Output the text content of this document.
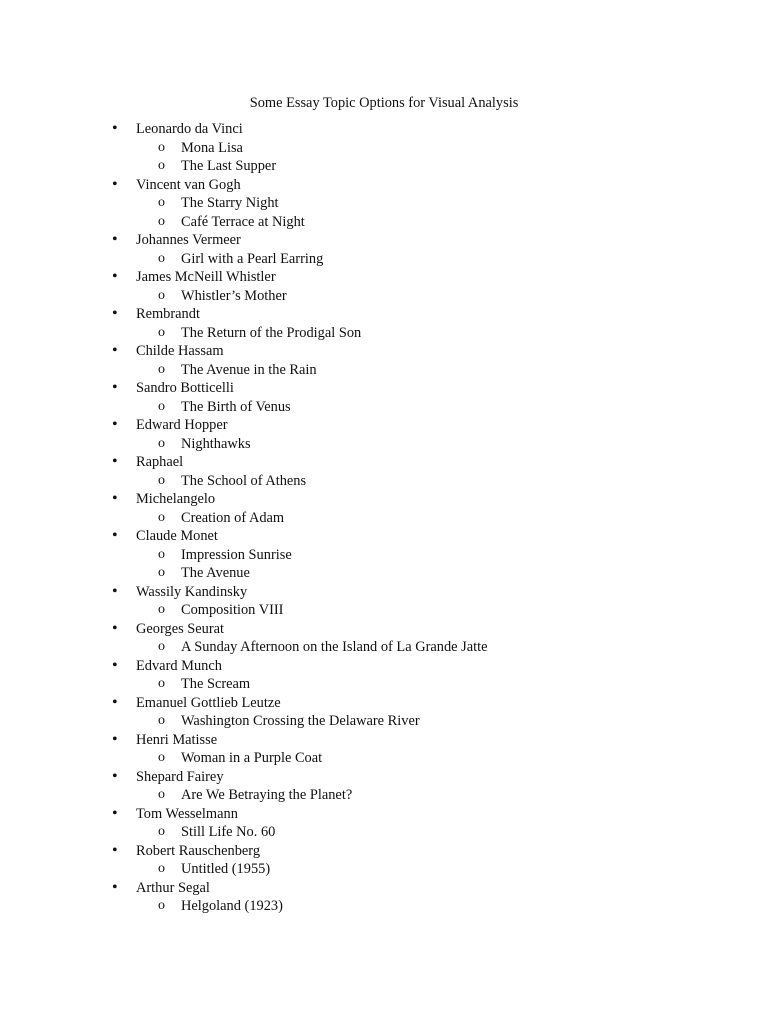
Some Essay Topic Options for Visual Analysis
• Leonardo da Vinci
o Mona Lisa
o The Last Supper
• Vincent van Gogh
o The Starry Night
o Café Terrace at Night
• Johannes Vermeer
o Girl with a Pearl Earring
• James McNeill Whistler
o Whistler’s Mother
• Rembrandt
o The Return of the Prodigal Son
• Childe Hassam
o The Avenue in the Rain
• Sandro Botticelli
o The Birth of Venus
• Edward Hopper
o Nighthawks
• Raphael
o The School of Athens
• Michelangelo
o Creation of Adam
• Claude Monet
o Impression Sunrise
o The Avenue
• Wassily Kandinsky
o Composition VIII
• Georges Seurat
o A Sunday Afternoon on the Island of La Grande Jatte
• Edvard Munch
o The Scream
• Emanuel Gottlieb Leutze
o Washington Crossing the Delaware River
• Henri Matisse
o Woman in a Purple Coat
• Shepard Fairey
o Are We Betraying the Planet?
• Tom Wesselmann
o Still Life No. 60
• Robert Rauschenberg
o Untitled (1955)
• Arthur Segal
o Helgoland (1923)
